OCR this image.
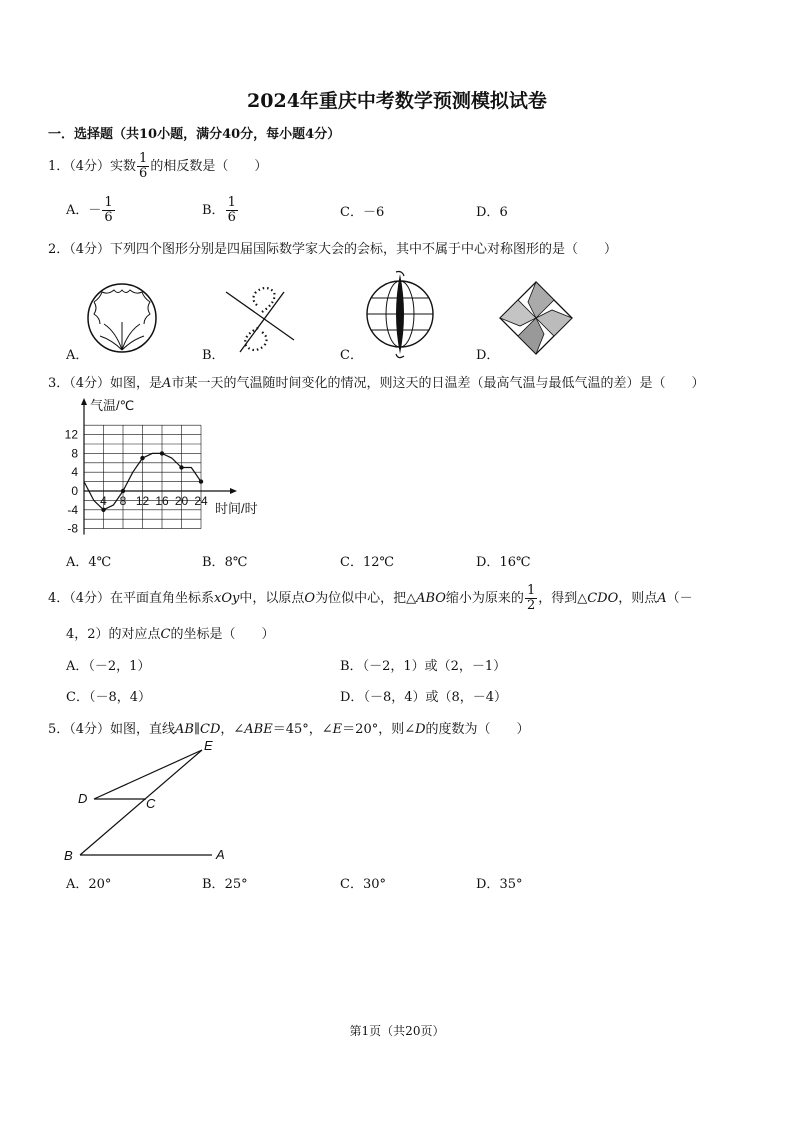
2024年重庆中考数学预测模拟试卷
一．选择题（共10小题，满分40分，每小题4分）
1．（4分）实数 $\frac{1}{6}$ 的相反数是（　　）
A．－ $\frac{1}{6}$	B． $\frac{1}{6}$	C．－6	D．6
2．（4分）下列四个图形分别是四届国际数学家大会的会标，其中不属于中心对称图形的是（　　）
A．	B．	C．	D．
3．（4分）如图，是A市某一天的气温随时间变化的情况，则这天的日温差（最高气温与最低气温的差）是（　　）
气温/℃
时间/时
12
8
4
0
-4
-8
4 8 12 16 20 24
A．4℃	B．8℃	C．12℃	D．16℃
4．（4分）在平面直角坐标系xOy中，以原点O为位似中心，把△ABO缩小为原来的 $\frac{1}{2}$ ，得到△CDO，则点A（－
4，2）的对应点C的坐标是（　　）
A．（－2，1）	B．（－2，1）或（2，－1）
C．（－8，4）	D．（－8，4）或（8，－4）
5．（4分）如图，直线AB∥CD，∠ABE＝45°，∠E＝20°，则∠D的度数为（　　）
E
D	C
B	A
A．20°	B．25°	C．30°	D．35°
第1页（共20页）
